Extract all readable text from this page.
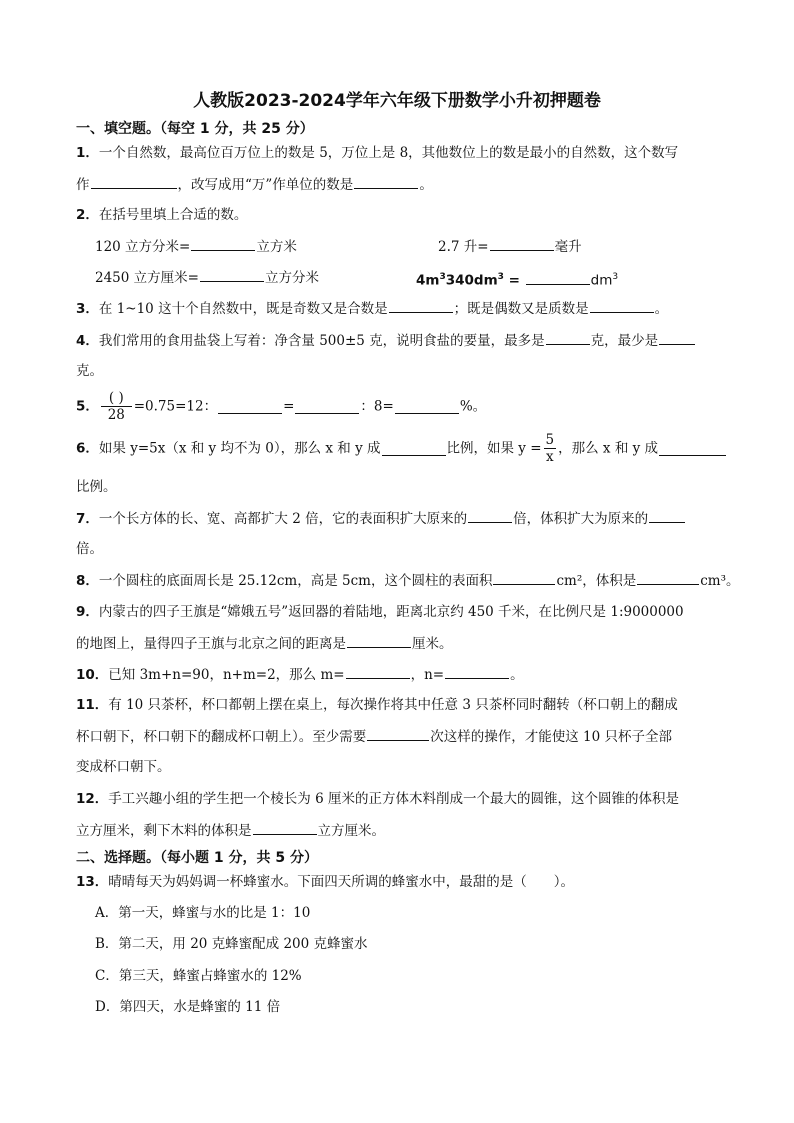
人教版2023-2024学年六年级下册数学小升初押题卷
一、填空题。（每空 1 分，共 25 分）
1．一个自然数，最高位百万位上的数是 5，万位上是 8，其他数位上的数是最小的自然数，这个数写
作	，改写成用“万”作单位的数是	。
2．在括号里填上合适的数。
120 立方分米=	立方米	2.7 升=	毫升
2450 立方厘米=	立方分米	$4m^3340dm^3$ =	$dm^3$
3．在 1~10 这十个自然数中，既是奇数又是合数是	；既是偶数又是质数是	。
4．我们常用的食用盐袋上写着：净含量 500±5 克，说明食盐的要量，最多是	克，最少是
克。
5． $\frac{( )}{28} =0.75=12$：	=	：8=	%。
6．如果 y=5x（x 和 y 均不为 0），那么 x 和 y 成	比例，如果 $y = \frac{5}{x}$ ，那么 x 和 y 成
比例。
7．一个长方体的长、宽、高都扩大 2 倍，它的表面积扩大原来的	倍，体积扩大为原来的
倍。
8．一个圆柱的底面周长是 25.12cm，高是 5cm，这个圆柱的表面积	cm²，体积是	cm³。
9．内蒙古的四子王旗是“嫦娥五号”返回器的着陆地，距离北京约 450 千米，在比例尺是 1:9000000
的地图上，量得四子王旗与北京之间的距离是	厘米。
10．已知 3m+n=90，n+m=2，那么 m=	，n=	。
11．有 10 只茶杯，杯口都朝上摆在桌上，每次操作将其中任意 3 只茶杯同时翻转（杯口朝上的翻成
杯口朝下，杯口朝下的翻成杯口朝上）。至少需要	次这样的操作，才能使这 10 只杯子全部
变成杯口朝下。
12．手工兴趣小组的学生把一个棱长为 6 厘米的正方体木料削成一个最大的圆锥，这个圆锥的体积是
立方厘米，剩下木料的体积是	立方厘米。
二、选择题。（每小题 1 分，共 5 分）
13．晴晴每天为妈妈调一杯蜂蜜水。下面四天所调的蜂蜜水中，最甜的是（　　）。
A．第一天，蜂蜜与水的比是 1：10
B．第二天，用 20 克蜂蜜配成 200 克蜂蜜水
C．第三天，蜂蜜占蜂蜜水的 12%
D．第四天，水是蜂蜜的 11 倍
